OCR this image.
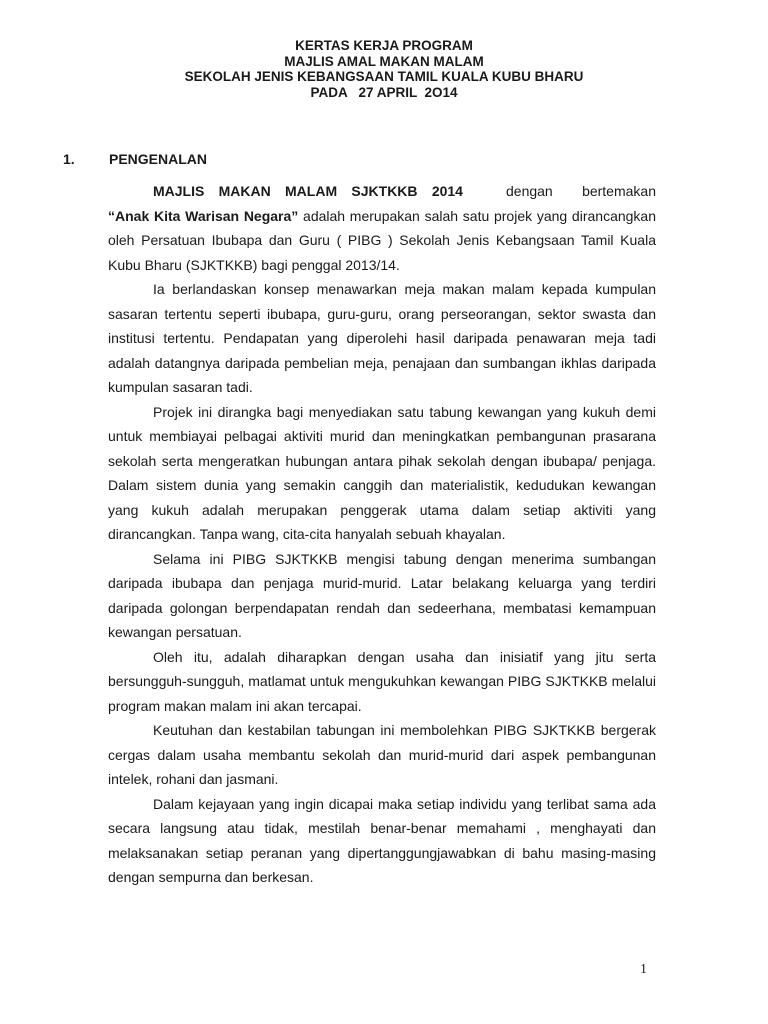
KERTAS KERJA PROGRAM
MAJLIS AMAL MAKAN MALAM
SEKOLAH JENIS KEBANGSAAN TAMIL KUALA KUBU BHARU
PADA   27 APRIL  2O14
1. PENGENALAN
MAJLIS MAKAN MALAM SJKTKKB 2014	dengan bertemakan

“Anak Kita Warisan Negara” adalah merupakan salah satu projek yang dirancangkan oleh Persatuan Ibubapa dan Guru ( PIBG ) Sekolah Jenis Kebangsaan Tamil Kuala Kubu Bharu (SJKTKKB) bagi penggal 2013/14.

Ia berlandaskan konsep menawarkan meja makan malam kepada kumpulan sasaran tertentu seperti ibubapa, guru-guru, orang perseorangan, sektor swasta dan institusi tertentu. Pendapatan yang diperolehi hasil daripada penawaran meja tadi adalah datangnya daripada pembelian meja, penajaan dan sumbangan ikhlas daripada kumpulan sasaran tadi.

Projek ini dirangka bagi menyediakan satu tabung kewangan yang kukuh demi untuk membiayai pelbagai aktiviti murid dan meningkatkan pembangunan prasarana sekolah serta mengeratkan hubungan antara pihak sekolah dengan ibubapa/ penjaga. Dalam sistem dunia yang semakin canggih dan materialistik, kedudukan kewangan yang kukuh adalah merupakan penggerak utama dalam setiap aktiviti yang dirancangkan. Tanpa wang, cita-cita hanyalah sebuah khayalan.

Selama ini PIBG SJKTKKB mengisi tabung dengan menerima sumbangan daripada ibubapa dan penjaga murid-murid. Latar belakang keluarga yang terdiri daripada golongan berpendapatan rendah dan sedeerhana, membatasi kemampuan kewangan persatuan.

Oleh itu, adalah diharapkan dengan usaha dan inisiatif yang jitu serta bersungguh-sungguh, matlamat untuk mengukuhkan kewangan PIBG SJKTKKB melalui program makan malam ini akan tercapai.

Keutuhan dan kestabilan tabungan ini membolehkan PIBG SJKTKKB bergerak cergas dalam usaha membantu sekolah dan murid-murid dari aspek pembangunan intelek, rohani dan jasmani.

Dalam kejayaan yang ingin dicapai maka setiap individu yang terlibat sama ada secara langsung atau tidak, mestilah benar-benar memahami , menghayati dan melaksanakan setiap peranan yang dipertanggungjawabkan di bahu masing-masing dengan sempurna dan berkesan.

1
